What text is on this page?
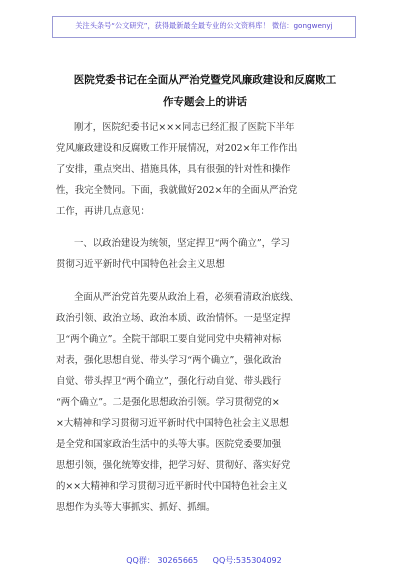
关注头条号“公文研究”，获得最新最全最专业的公文资料库！ 微信：gongwenyj
医院党委书记在全面从严治党暨党风廉政建设和反腐败工
作专题会上的讲话
刚才，医院纪委书记×××同志已经汇报了医院下半年
党风廉政建设和反腐败工作开展情况，对202×年工作作出
了安排，重点突出、措施具体，具有很强的针对性和操作
性，我完全赞同。下面，我就做好202×年的全面从严治党
工作，再讲几点意见：
一、以政治建设为统领，坚定捍卫“两个确立”，学习
贯彻习近平新时代中国特色社会主义思想
全面从严治党首先要从政治上看，必须看清政治底线、
政治引领、政治立场、政治本质、政治情怀。一是坚定捍
卫“两个确立”。全院干部职工要自觉同党中央精神对标
对表，强化思想自觉、带头学习“两个确立”，强化政治
自觉、带头捍卫“两个确立”，强化行动自觉、带头践行
“两个确立”。二是强化思想政治引领。学习贯彻党的×
×大精神和学习贯彻习近平新时代中国特色社会主义思想
是全党和国家政治生活中的头等大事。医院党委要加强
思想引领，强化统筹安排，把学习好、贯彻好、落实好党
的××大精神和学习贯彻习近平新时代中国特色社会主义
思想作为头等大事抓实、抓好、抓细。
QQ群： 30265665 QQ号:535304092
